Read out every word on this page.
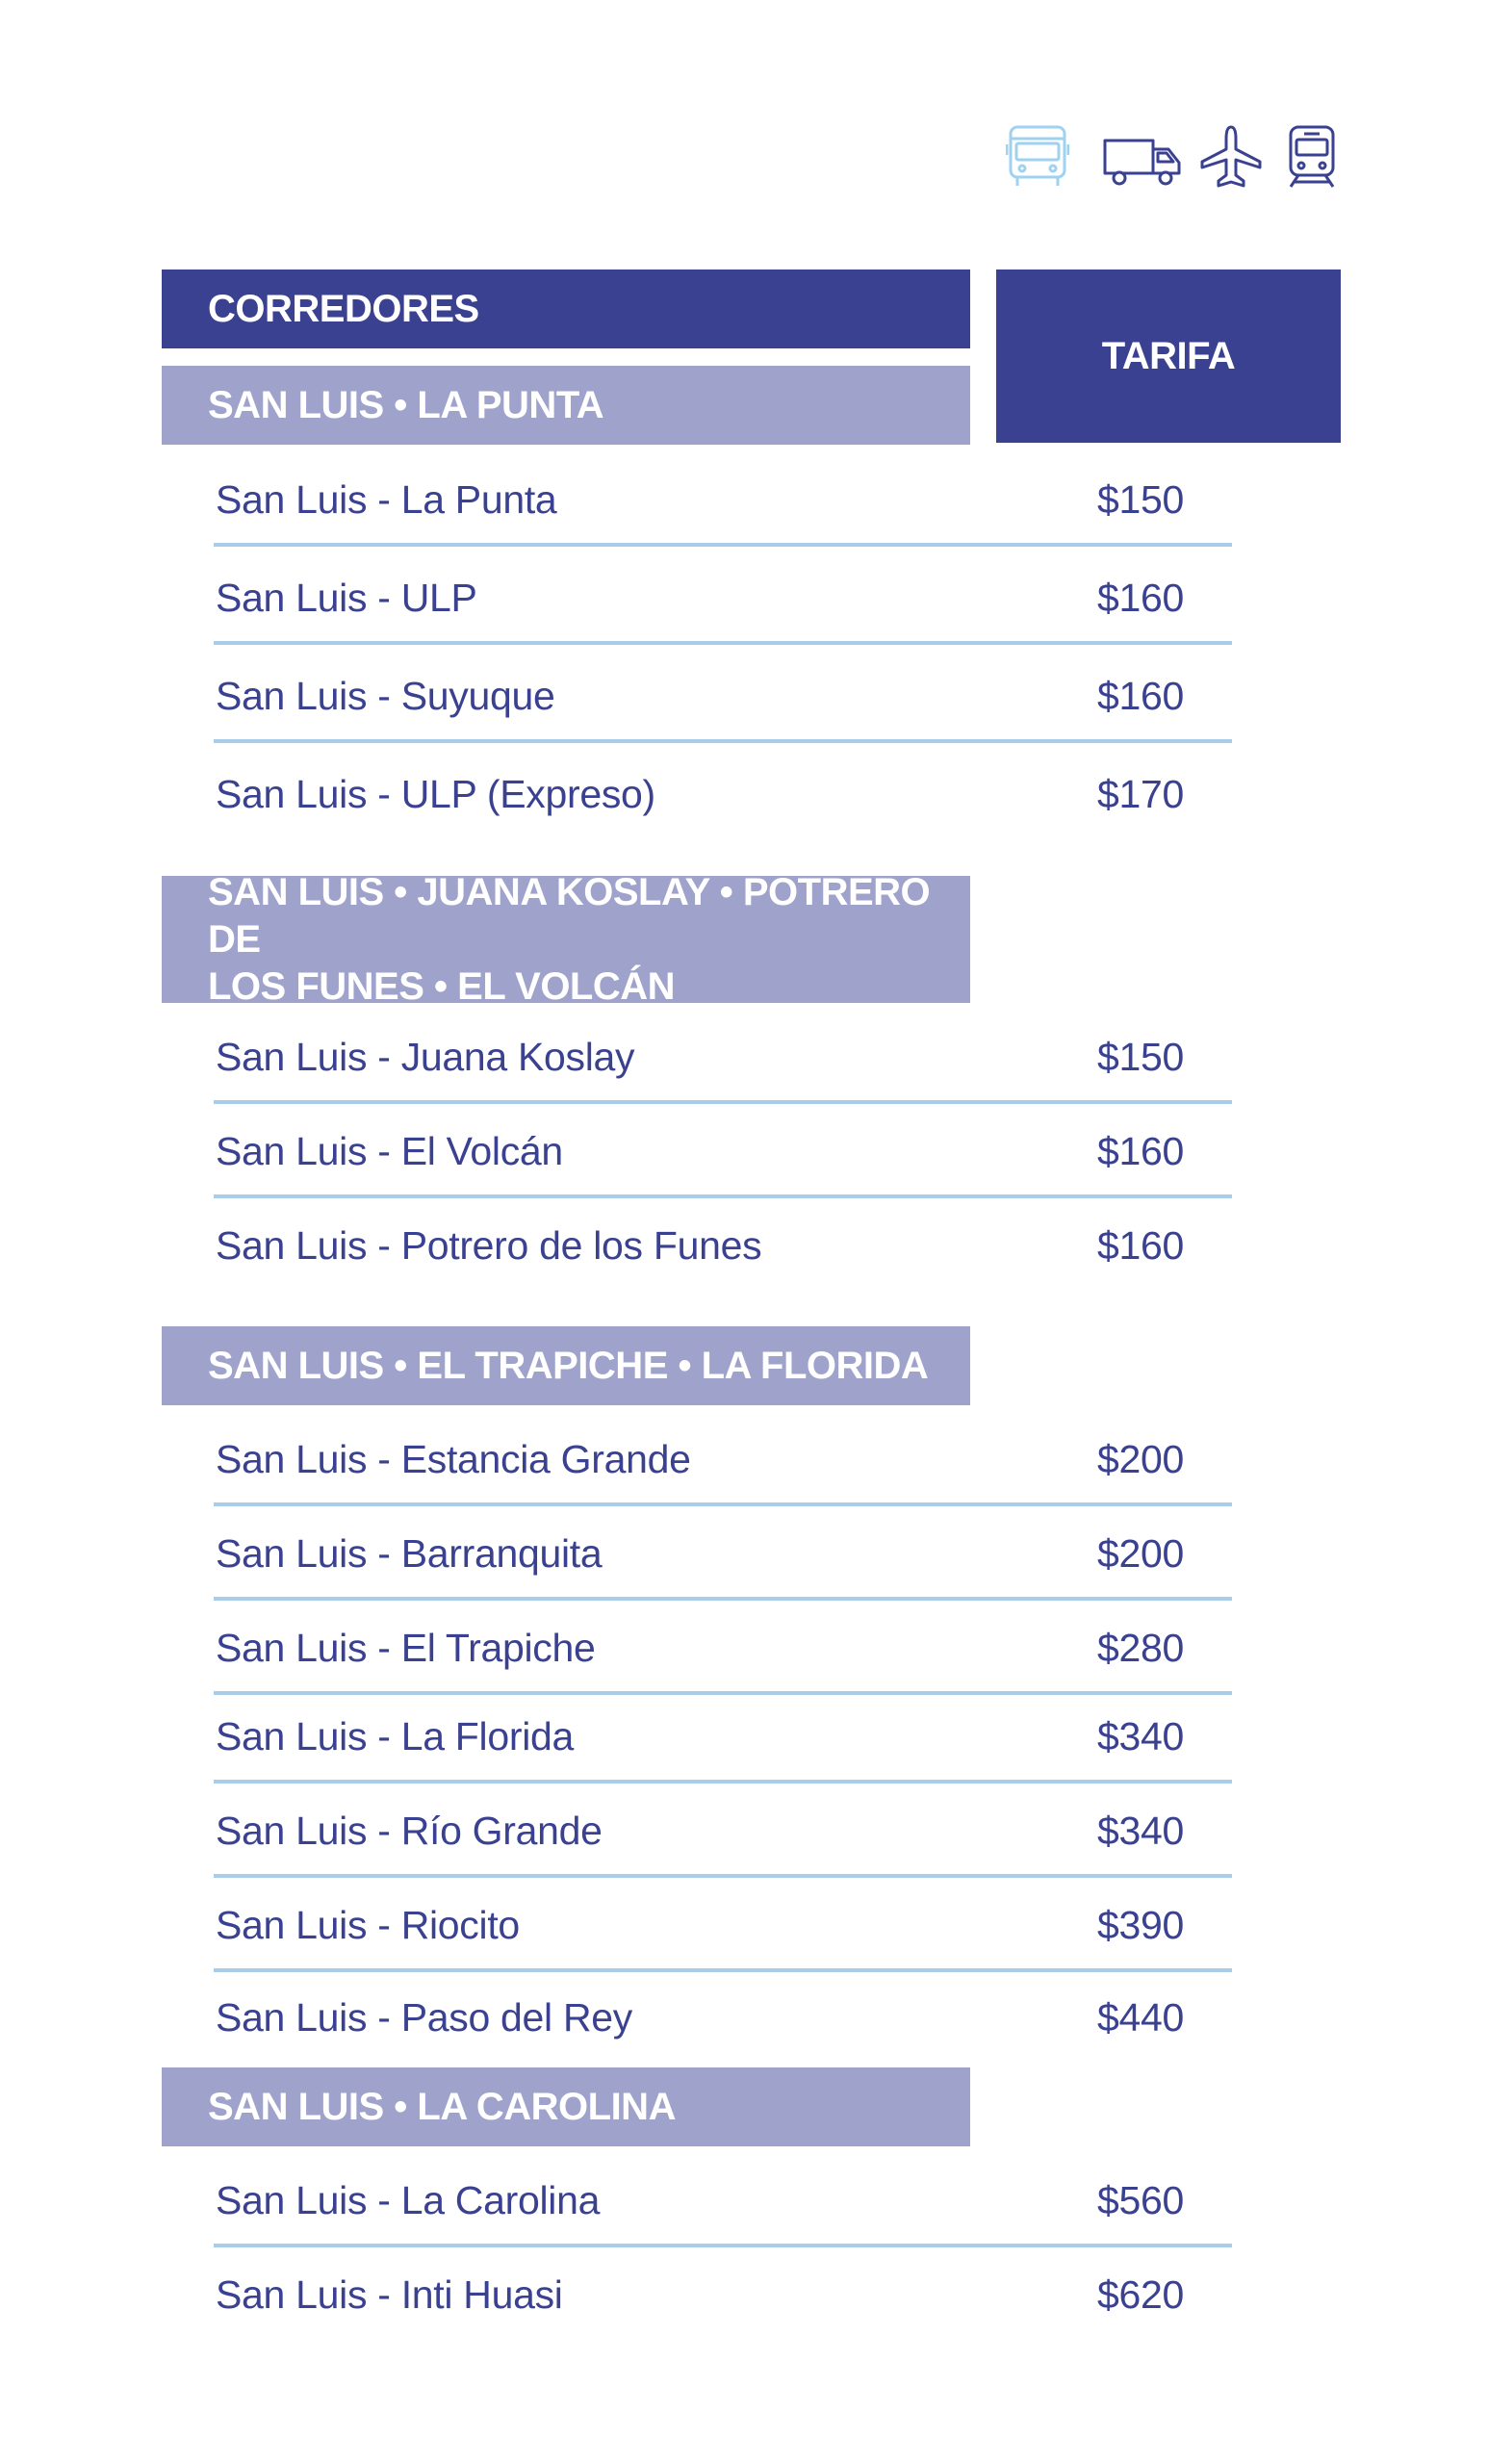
CORREDORES
TARIFA
SAN LUIS • LA PUNTA
San Luis - La Punta	$150
San Luis - ULP	$160
San Luis - Suyuque	$160
San Luis - ULP (Expreso)	$170
SAN LUIS • JUANA KOSLAY • POTRERO DE
LOS FUNES • EL VOLCÁN
San Luis - Juana Koslay	$150
San Luis - El Volcán	$160
San Luis - Potrero de los Funes	$160
SAN LUIS • EL TRAPICHE • LA FLORIDA
San Luis - Estancia Grande	$200
San Luis - Barranquita	$200
San Luis - El Trapiche	$280
San Luis - La Florida	$340
San Luis - Río Grande	$340
San Luis - Riocito	$390
San Luis - Paso del Rey	$440
SAN LUIS • LA CAROLINA
San Luis - La Carolina	$560
San Luis - Inti Huasi	$620
